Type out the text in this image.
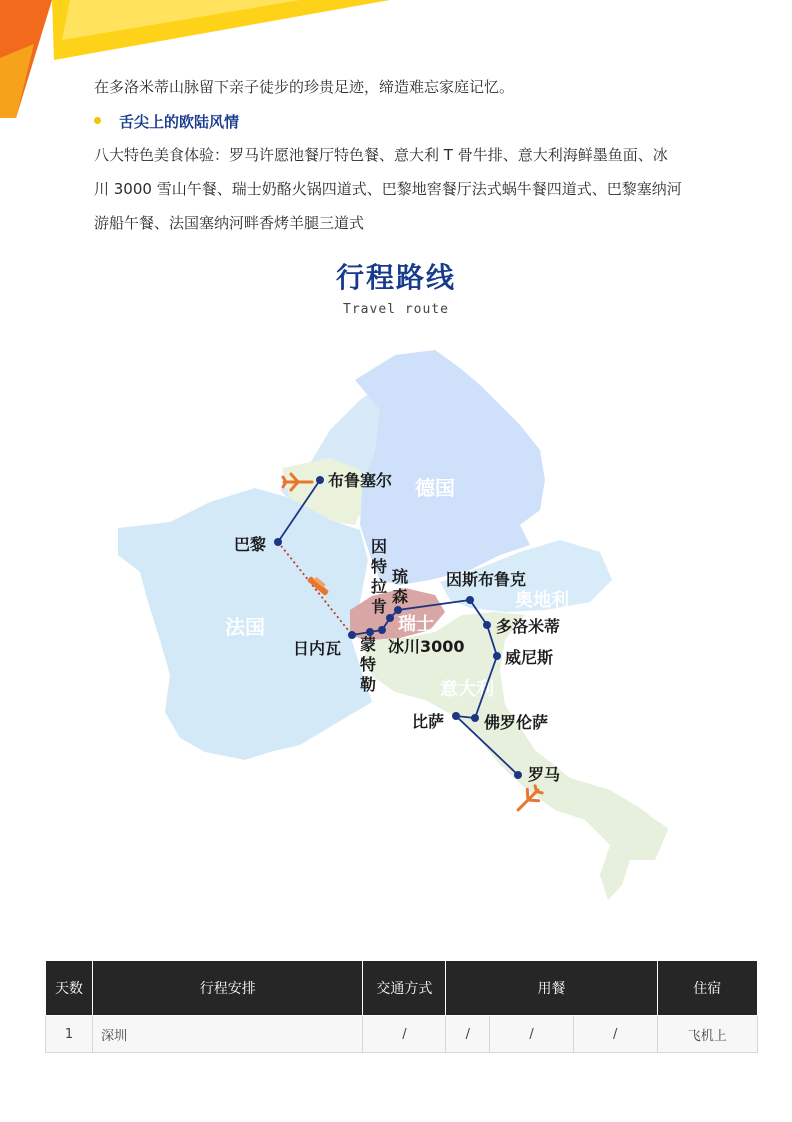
在多洛米蒂山脉留下亲子徒步的珍贵足迹，缔造难忘家庭记忆。
舌尖上的欧陆风情
八大特色美食体验：罗马许愿池餐厅特色餐、意大利 T 骨牛排、意大利海鲜墨鱼面、冰
川 3000 雪山午餐、瑞士奶酪火锅四道式、巴黎地窖餐厅法式蜗牛餐四道式、巴黎塞纳河
游船午餐、法国塞纳河畔香烤羊腿三道式
行程路线
Travel route
德国
法国
奥地利
瑞士
意大利
布鲁塞尔
巴黎	因
特
拉
肯
琉
森
因斯布鲁克
多洛米蒂
威尼斯
日内瓦	冰川3000
蒙
特
勒
比萨 佛罗伦萨
罗马
天数	行程安排	交通方式	用餐			住宿
1	深圳	/	/	/	/	飞机上
